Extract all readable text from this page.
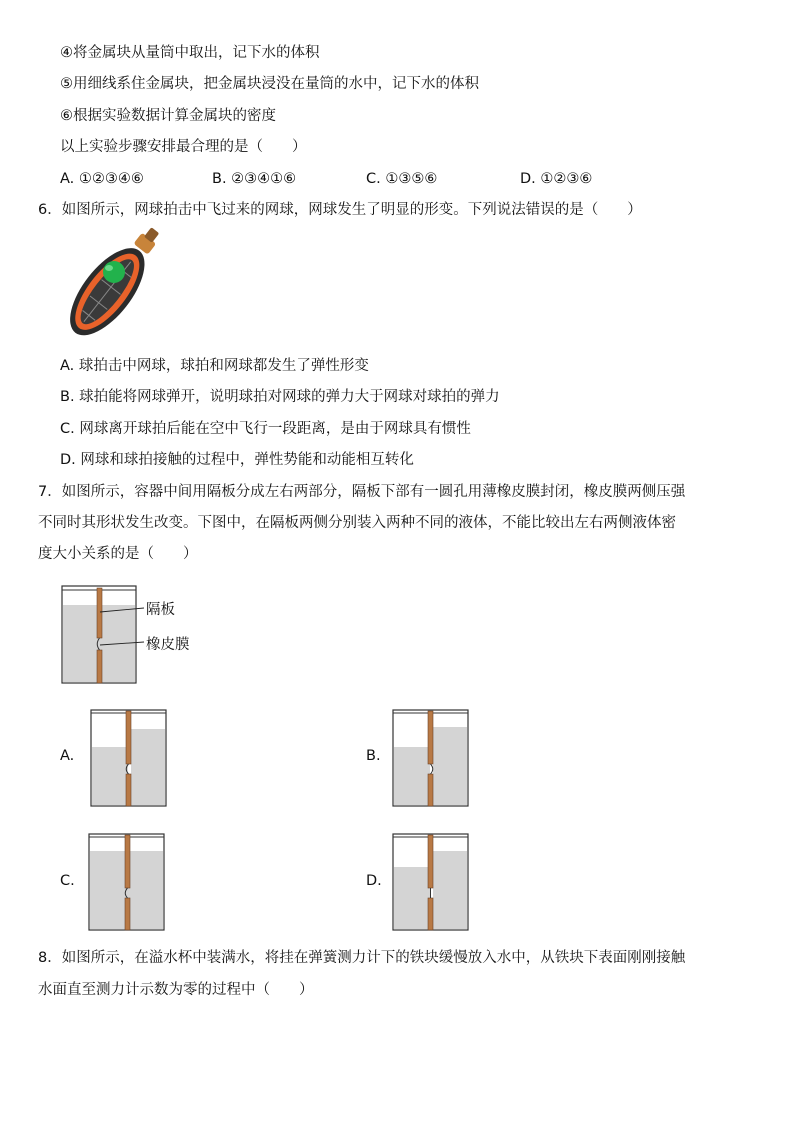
④将金属块从量筒中取出，记下水的体积
⑤用细线系住金属块，把金属块浸没在量筒的水中，记下水的体积
⑥根据实验数据计算金属块的密度
以上实验步骤安排最合理的是（　　）
A. ①②③④⑥	B. ②③④①⑥	C. ①③⑤⑥	D. ①②③⑥
6．如图所示，网球拍击中飞过来的网球，网球发生了明显的形变。下列说法错误的是（　　）
A. 球拍击中网球，球拍和网球都发生了弹性形变
B. 球拍能将网球弹开，说明球拍对网球的弹力大于网球对球拍的弹力
C. 网球离开球拍后能在空中飞行一段距离，是由于网球具有惯性
D. 网球和球拍接触的过程中，弹性势能和动能相互转化
7．如图所示，容器中间用隔板分成左右两部分，隔板下部有一圆孔用薄橡皮膜封闭，橡皮膜两侧压强
不同时其形状发生改变。下图中，在隔板两侧分别装入两种不同的液体，不能比较出左右两侧液体密
度大小关系的是（　　）
隔板
橡皮膜
A.	B.
C.	D.
8．如图所示，在溢水杯中装满水，将挂在弹簧测力计下的铁块缓慢放入水中，从铁块下表面刚刚接触
水面直至测力计示数为零的过程中（　　）
